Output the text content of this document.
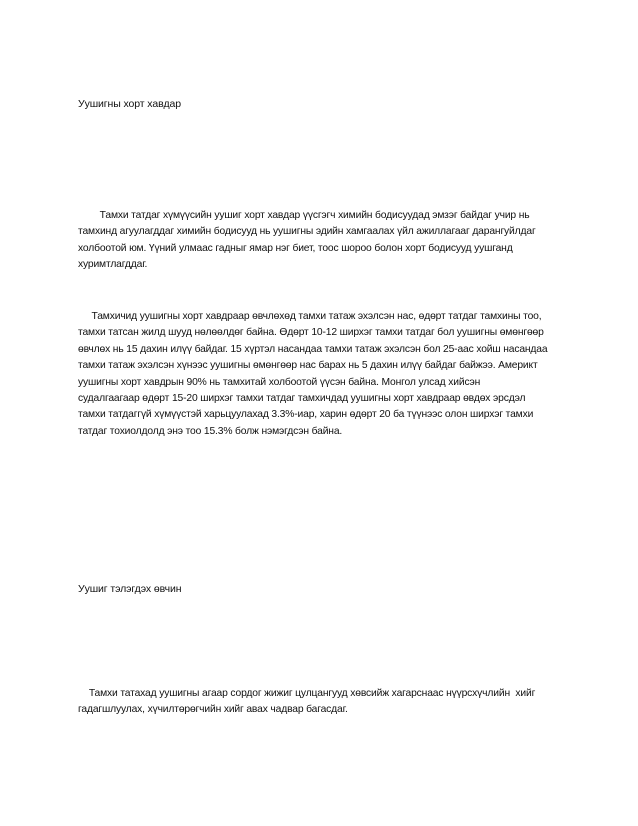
Уушигны хорт хавдар
Тамхи татдаг хүмүүсийн уушиг хорт хавдар үүсгэгч химийн бодисуудад эмзэг байдаг учир нь
тамхинд агуулагддаг химийн бодисууд нь уушигны эдийн хамгаалах үйл ажиллагааг дарангуйлдаг
холбоотой юм. Үүний улмаас гадныг ямар нэг биет, тоос шороо болон хорт бодисууд уушганд
хуримтлагддаг.
Тамхичид уушигны хорт хавдраар өвчлөхөд тамхи татаж эхэлсэн нас, өдөрт татдаг тамхины тоо,
тамхи татсан жилд шууд нөлөөлдөг байна. Өдөрт 10-12 ширхэг тамхи татдаг бол уушигны өмөнгөөр
өвчлөх нь 15 дахин илүү байдаг. 15 хүртэл насандаа тамхи татаж эхэлсэн бол 25-аас хойш насандаа
тамхи татаж эхэлсэн хүнээс уушигны өмөнгөөр нас барах нь 5 дахин илүү байдаг байжээ. Америкт
уушигны хорт хавдрын 90% нь тамхитай холбоотой үүсэн байна. Монгол улсад хийсэн
судалгаагаар өдөрт 15-20 ширхэг тамхи татдаг тамхичдад уушигны хорт хавдраар өвдөх эрсдэл
тамхи татдаггүй хүмүүстэй харьцуулахад 3.3%-иар, харин өдөрт 20 ба түүнээс олон ширхэг тамхи
татдаг тохиолдолд энэ тоо 15.3% болж нэмэгдсэн байна.
Уушиг тэлэгдэх өвчин
Тамхи татахад уушигны агаар сордог жижиг цулцангууд хөвсийж хагарснаас нүүрсхүчлийн  хийг
гадагшлуулах, хүчилтөрөгчийн хийг авах чадвар багасдаг.
